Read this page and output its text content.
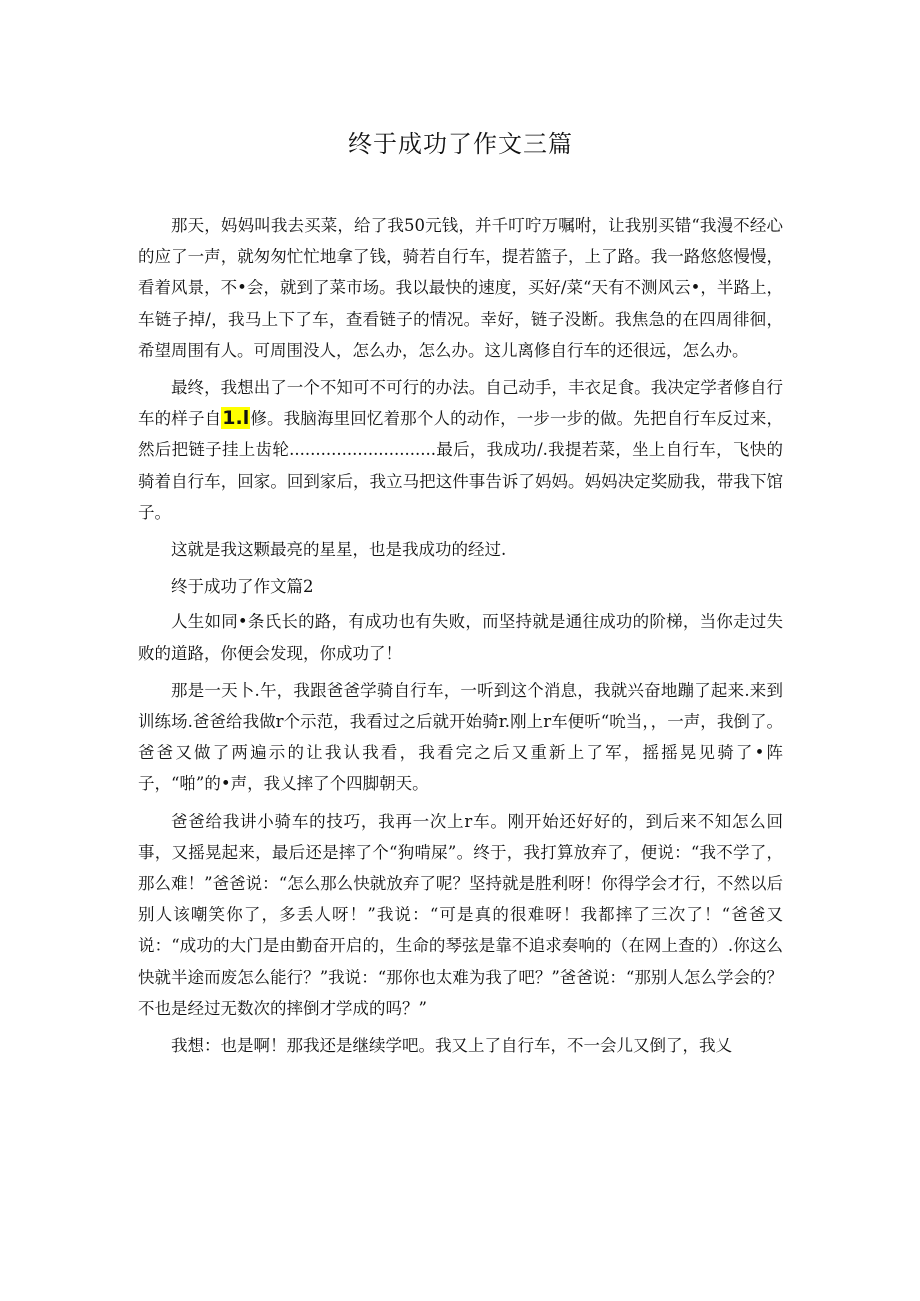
终于成功了作文三篇

那天，妈妈叫我去买菜，给了我50元钱，并千叮咛万嘱咐，让我别买错“我漫不经心的应了一声，就匆匆忙忙地拿了钱，骑若自行车，提若篮子，上了路。我一路悠悠慢慢，看着风景，不•会，就到了菜市场。我以最快的速度，买好/菜“天有不测风云•，半路上，车链子掉/，我马上下了车，查看链子的情况。幸好，链子没断。我焦急的在四周徘徊，希望周围有人。可周围没人，怎么办，怎么办。这儿离修自行车的还很远，怎么办。

最终，我想出了一个不知可不可行的办法。自己动手，丰衣足食。我决定学者修自行车的样子自1.l修。我脑海里回忆着那个人的动作，一步一步的做。先把自行车反过来，然后把链子挂上齿轮............................最后，我成功/.我提若菜，坐上自行车，飞快的骑着自行车，回家。回到家后，我立马把这件事告诉了妈妈。妈妈决定奖励我，带我下馆子。

这就是我这颗最亮的星星，也是我成功的经过.

终于成功了作文篇2

人生如同•条氏长的路，有成功也有失败，而坚持就是通往成功的阶梯，当你走过失败的道路，你便会发现，你成功了！

那是一天卜.午，我跟爸爸学骑自行车，一听到这个消息，我就兴奋地蹦了起来.来到训练场.爸爸给我做r个示范，我看过之后就开始骑r.刚上r车便听“吮当，，一声，我倒了。爸爸又做了两遍示的让我认我看，我看完之后又重新上了军，摇摇晃见骑了•阵子，“啪”的•声，我乂摔了个四脚朝天。

爸爸给我讲小骑车的技巧，我再一次上r车。刚开始还好好的，到后来不知怎么回事，又摇晃起来，最后还是摔了个“狗啃屎”。终于，我打算放弃了，便说：“我不学了，那么难！”爸爸说：“怎么那么快就放弃了呢？坚持就是胜利呀！你得学会才行，不然以后别人该嘲笑你了，多丢人呀！”我说：“可是真的很难呀！我都摔了三次了！“爸爸又说：“成功的大门是由勤奋开启的，生命的琴弦是靠不追求奏响的（在网上查的）.你这么快就半途而废怎么能行？”我说：“那你也太难为我了吧？”爸爸说：“那别人怎么学会的？不也是经过无数次的摔倒才学成的吗？”

我想：也是啊！那我还是继续学吧。我又上了自行车，不一会儿又倒了，我乂
